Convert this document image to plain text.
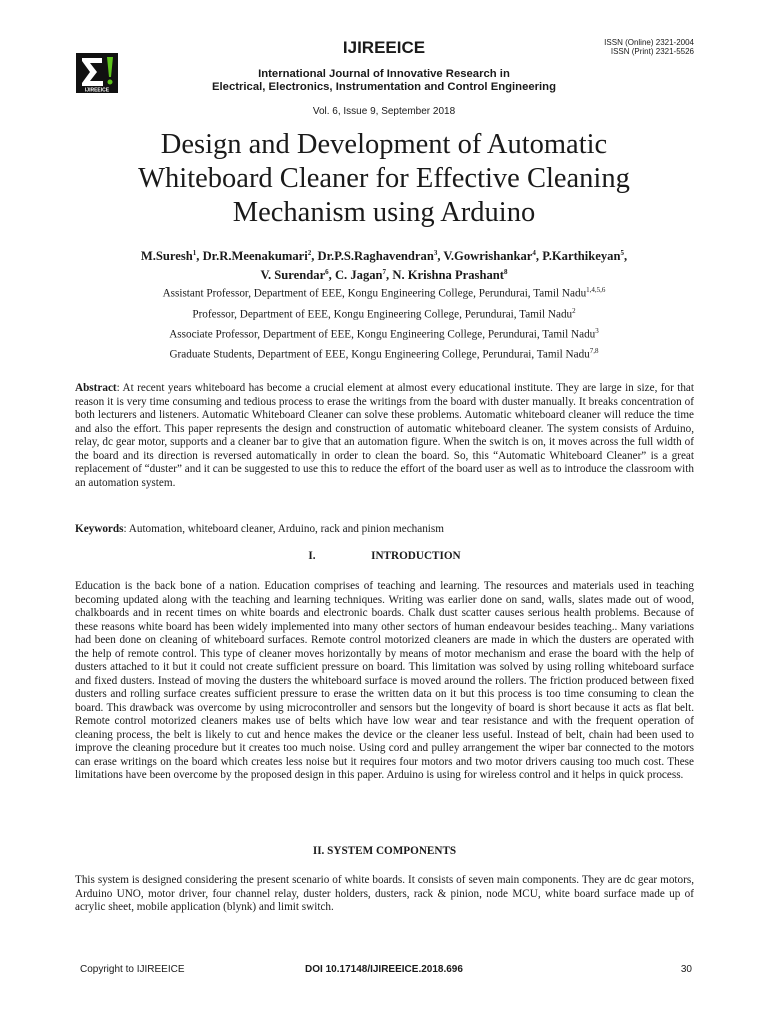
IJIREEICE
IJIREEICE	ISSN (Online) 2321-2004
ISSN (Print) 2321-5526
International Journal of Innovative Research in
Electrical, Electronics, Instrumentation and Control Engineering
Vol. 6, Issue 9, September 2018
Design and Development of Automatic
Whiteboard Cleaner for Effective Cleaning
Mechanism using Arduino
M.Suresh$^1$, Dr.R.Meenakumari$^2$, Dr.P.S.Raghavendran$^3$, V.Gowrishankar$^4$, P.Karthikeyan$^5$,
V. Surendar$^6$, C. Jagan$^7$, N. Krishna Prashant$^8$
Assistant Professor, Department of EEE, Kongu Engineering College, Perundurai, Tamil Nadu$^{1,4,5,6}$
Professor, Department of EEE, Kongu Engineering College, Perundurai, Tamil Nadu$^2$
Associate Professor, Department of EEE, Kongu Engineering College, Perundurai, Tamil Nadu$^3$
Graduate Students, Department of EEE, Kongu Engineering College, Perundurai, Tamil Nadu$^{7,8}$
Abstract: At recent years whiteboard has become a crucial element at almost every educational institute. They are large in size, for that reason it is very time consuming and tedious process to erase the writings from the board with duster manually. It breaks concentration of both lecturers and listeners. Automatic Whiteboard Cleaner can solve these problems. Automatic whiteboard cleaner will reduce the time and also the effort. This paper represents the design and construction of automatic whiteboard cleaner. The system consists of Arduino, relay, dc gear motor, supports and a cleaner bar to give that an automation figure. When the switch is on, it moves across the full width of the board and its direction is reversed automatically in order to clean the board. So, this “Automatic Whiteboard Cleaner” is a great replacement of “duster” and it can be suggested to use this to reduce the effort of the board user as well as to introduce the classroom with an automation system.
Keywords: Automation, whiteboard cleaner, Arduino, rack and pinion mechanism
I.	INTRODUCTION
Education is the back bone of a nation. Education comprises of teaching and learning. The resources and materials used in teaching becoming updated along with the teaching and learning techniques. Writing was earlier done on sand, walls, slates made out of wood, chalkboards and in recent times on white boards and electronic boards. Chalk dust scatter causes serious health problems. Because of these reasons white board has been widely implemented into many other sectors of human endeavour besides teaching.. Many variations had been done on cleaning of whiteboard surfaces. Remote control motorized cleaners are made in which the dusters are operated with the help of remote control. This type of cleaner moves horizontally by means of motor mechanism and erase the board with the help of dusters attached to it but it could not create sufficient pressure on board. This limitation was solved by using rolling whiteboard surface and fixed dusters. Instead of moving the dusters the whiteboard surface is moved around the rollers. The friction produced between fixed dusters and rolling surface creates sufficient pressure to erase the written data on it but this process is too time consuming to clean the board. This drawback was overcome by using microcontroller and sensors but the longevity of board is short because it acts as flat belt. Remote control motorized cleaners makes use of belts which have low wear and tear resistance and with the frequent operation of cleaning process, the belt is likely to cut and hence makes the device or the cleaner less useful. Instead of belt, chain had been used to improve the cleaning procedure but it creates too much noise. Using cord and pulley arrangement the wiper bar connected to the motors can erase writings on the board which creates less noise but it requires four motors and two motor drivers causing too much cost. These limitations have been overcome by the proposed design in this paper. Arduino is using for wireless control and it helps in quick process.
II. SYSTEM COMPONENTS
This system is designed considering the present scenario of white boards. It consists of seven main components. They are dc gear motors, Arduino UNO, motor driver, four channel relay, duster holders, dusters, rack & pinion, node MCU, white board surface made up of acrylic sheet, mobile application (blynk) and limit switch.
Copyright to IJIREEICE	DOI 10.17148/IJIREEICE.2018.696	30
